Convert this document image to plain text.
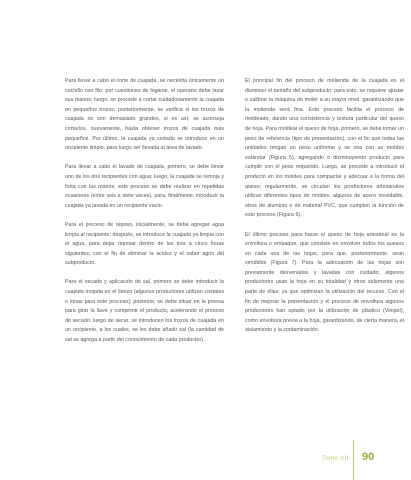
Para llevar a cabo el corte de cuajada, se necesita únicamente un cuchillo con filo: por cuestiones de higiene, el operario debe lavar sus manos; luego, se procede a cortar cuidadosamente la cuajada en pequeños trozos; posteriormente, se verifica si los trozos de cuajada no son demasiado grandes, si es así, se aconseja cortarlos, nuevamente, hasta obtener trozos de cuajada más pequeños. Por último, la cuajada ya cortada se introduce en un recipiente limpio, para luego ser llevada al área de lavado.

Para llevar a cabo el lavado de cuajada, primero, se debe llevar uno de los dos recipientes con agua; luego, la cuajada se remoja y frota con las manos; este proceso se debe realizar en repetidas ocasiones (entre seis a siete veces), para, finalmente, introducir la cuajada ya lavada en un recipiente vacío.

Para el proceso de reposo, inicialmente, se debe agregar agua limpia al recipiente; después, se introduce la cuajada ya limpia con el agua, para dejar reposar dentro de los tres a cinco horas siguientes, con el fin de eliminar la acidez y el sabor agrio del subproducto.

Para el secado y aplicación de sal, primero se debe introducir la cuajada mojada en el lienzo (algunos productores utilizan costales o lonas para este proceso); posterior, se debe situar en la prensa para girar la llave y comprimir el producto, acelerando el proceso de secado; luego de secar, se introducen los trozos de cuajada en un recipiente, a los cuales, se les debe añadir sal (la cantidad de sal se agrega a partir del conocimiento de cada productor).

El principal fin del proceso de molienda de la cuajada es el disminuir el tamaño del subproducto; para esto, se requiere ajustar o calibrar la máquina de moler a su mayor nivel, garantizando que la molienda será fina. Este proceso facilita el proceso de moldeado, dando una consistencia y textura particular del queso de hoja. Para moldear el queso de hoja, primero, se debe tomar un peso de referencia (tipo de presentación), con el fin que todas las unidades tengan un peso uniforme y se sea con un moldes estándar (Figura 5), agregando o disminuyendo producto para cumplir con el peso requerido. Luego, se procede a introducir el producto en los moldes para compactar y adecuar a la forma del queso; regularmente, se circulan los productores artesanales utilizan diferentes tipos de moldes, algunos de acero inoxidable, otros de aluminio o de material PVC, que cumplen la función de este proceso (Figura 6).

El último proceso para hacer el queso de hoja artesanal es la envoltura o empaque, que consiste en envolver todos los quesos en cada una de las hojas, para que, posteriormente, sean vendidos (Figura 7). Para la adecuación de las hojas son previamente desvenadas y lavadas con cuidado; algunos productores usan la hoja en su totalidad y otros solamente una parte de ellas; ya que optimizan la utilización del recurso. Con el fin de mejorar la presentación y el proceso de envoltura algunos productores han optado por la utilización de plástico (Vinipel), como envoltura previa a la hoja, garantizando, de cierta manera, el aislamiento y la contaminación.

Tomo VII 90
